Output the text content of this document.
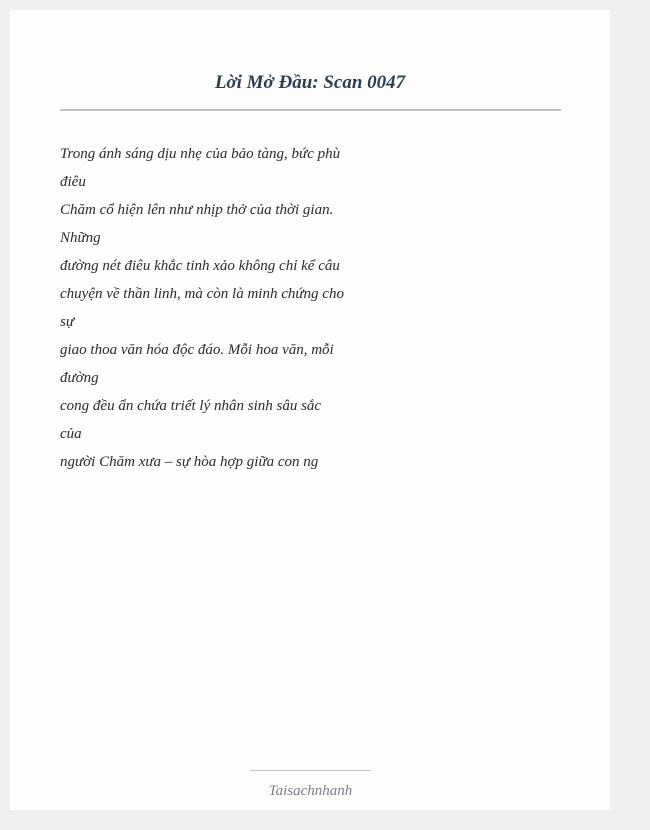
Lời Mở Đầu: Scan 0047
Trong ánh sáng dịu nhẹ của bảo tàng, bức phù
điêu
Chăm cổ hiện lên như nhịp thở của thời gian.
Những
đường nét điêu khắc tinh xảo không chỉ kể câu
chuyện về thần linh, mà còn là minh chứng cho
sự
giao thoa văn hóa độc đáo. Mỗi hoa văn, mỗi
đường
cong đều ẩn chứa triết lý nhân sinh sâu sắc
của
người Chăm xưa – sự hòa hợp giữa con ng
Taisachnhanh
